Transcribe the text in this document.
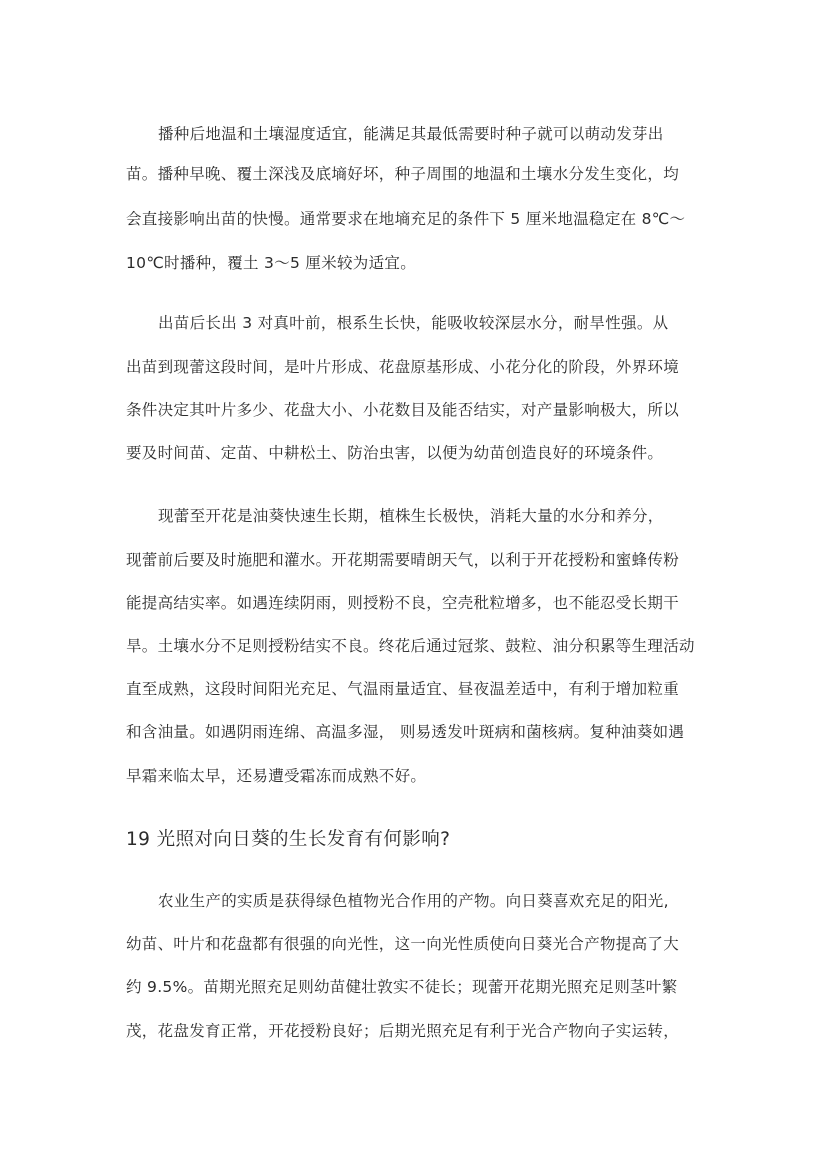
播种后地温和土壤湿度适宜，能满足其最低需要时种子就可以萌动发芽出
苗。播种早晚、覆土深浅及底墒好坏，种子周围的地温和土壤水分发生变化，均
会直接影响出苗的快慢。通常要求在地墒充足的条件下 5 厘米地温稳定在 8℃～
10℃时播种，覆土 3～5 厘米较为适宜。
出苗后长出 3 对真叶前，根系生长快，能吸收较深层水分，耐旱性强。从
出苗到现蕾这段时间，是叶片形成、花盘原基形成、小花分化的阶段，外界环境
条件决定其叶片多少、花盘大小、小花数目及能否结实，对产量影响极大，所以
要及时间苗、定苗、中耕松土、防治虫害，以便为幼苗创造良好的环境条件。
现蕾至开花是油葵快速生长期，植株生长极快，消耗大量的水分和养分，
现蕾前后要及时施肥和灌水。开花期需要晴朗天气，以利于开花授粉和蜜蜂传粉
能提高结实率。如遇连续阴雨，则授粉不良，空壳秕粒增多，也不能忍受长期干
旱。土壤水分不足则授粉结实不良。终花后通过冠浆、鼓粒、油分积累等生理活动
直至成熟，这段时间阳光充足、气温雨量适宜、昼夜温差适中，有利于增加粒重
和含油量。如遇阴雨连绵、高温多湿， 则易透发叶斑病和菌核病。复种油葵如遇
早霜来临太早，还易遭受霜冻而成熟不好。
19 光照对向日葵的生长发育有何影响?
农业生产的实质是获得绿色植物光合作用的产物。向日葵喜欢充足的阳光,
幼苗、叶片和花盘都有很强的向光性，这一向光性质使向日葵光合产物提高了大
约 9.5%。苗期光照充足则幼苗健壮敦实不徒长；现蕾开花期光照充足则茎叶繁
茂，花盘发育正常，开花授粉良好；后期光照充足有利于光合产物向子实运转，
